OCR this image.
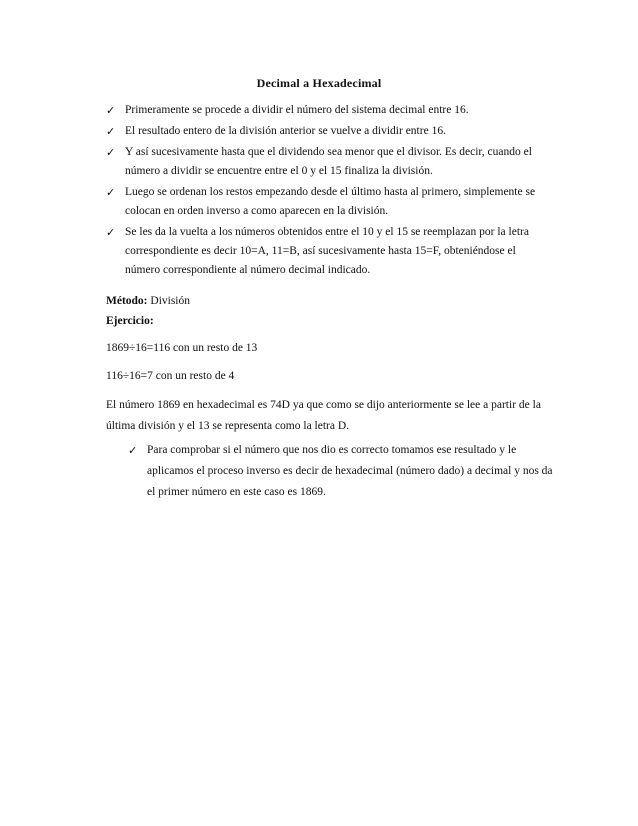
Decimal a Hexadecimal
✓ Primeramente se procede a dividir el número del sistema decimal entre 16.
✓ El resultado entero de la división anterior se vuelve a dividir entre 16.
✓ Y así sucesivamente hasta que el dividendo sea menor que el divisor. Es decir, cuando el número a dividir se encuentre entre el 0 y el 15 finaliza la división.
✓ Luego se ordenan los restos empezando desde el último hasta al primero, simplemente se colocan en orden inverso a como aparecen en la división.
✓ Se les da la vuelta a los números obtenidos entre el 10 y el 15 se reemplazan por la letra correspondiente es decir 10=A, 11=B, así sucesivamente hasta 15=F, obteniéndose el número correspondiente al número decimal indicado.

Método: División

Ejercicio:

1869÷16=116 con un resto de 13

116÷16=7 con un resto de 4

El número 1869 en hexadecimal es 74D ya que como se dijo anteriormente se lee a partir de la última división y el 13 se representa como la letra D.

✓ Para comprobar si el número que nos dio es correcto tomamos ese resultado y le aplicamos el proceso inverso es decir de hexadecimal (número dado) a decimal y nos da el primer número en este caso es 1869.
